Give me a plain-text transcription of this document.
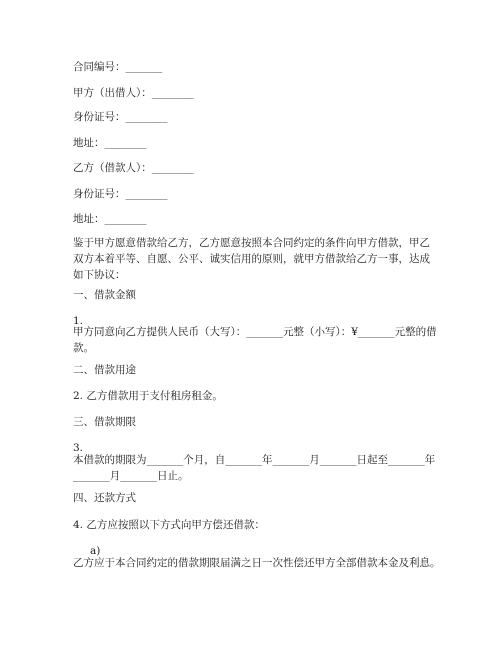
合同编号：_______
甲方（出借人）：________
身份证号：________
地址：________
乙方（借款人）：________
身份证号：________
地址：________
鉴于甲方愿意借款给乙方，乙方愿意按照本合同约定的条件向甲方借款，甲乙双方本着平等、自愿、公平、诚实信用的原则，就甲方借款给乙方一事，达成如下协议：
一、借款金额
1.
甲方同意向乙方提供人民币（大写）：_______元整（小写）：¥_______元整的借款。
二、借款用途
2. 乙方借款用于支付租房租金。
三、借款期限
3.
本借款的期限为_______个月，自_______年_______月_______日起至_______年_______月_______日止。
四、还款方式
4. 乙方应按照以下方式向甲方偿还借款：
a)
乙方应于本合同约定的借款期限届满之日一次性偿还甲方全部借款本金及利息。
